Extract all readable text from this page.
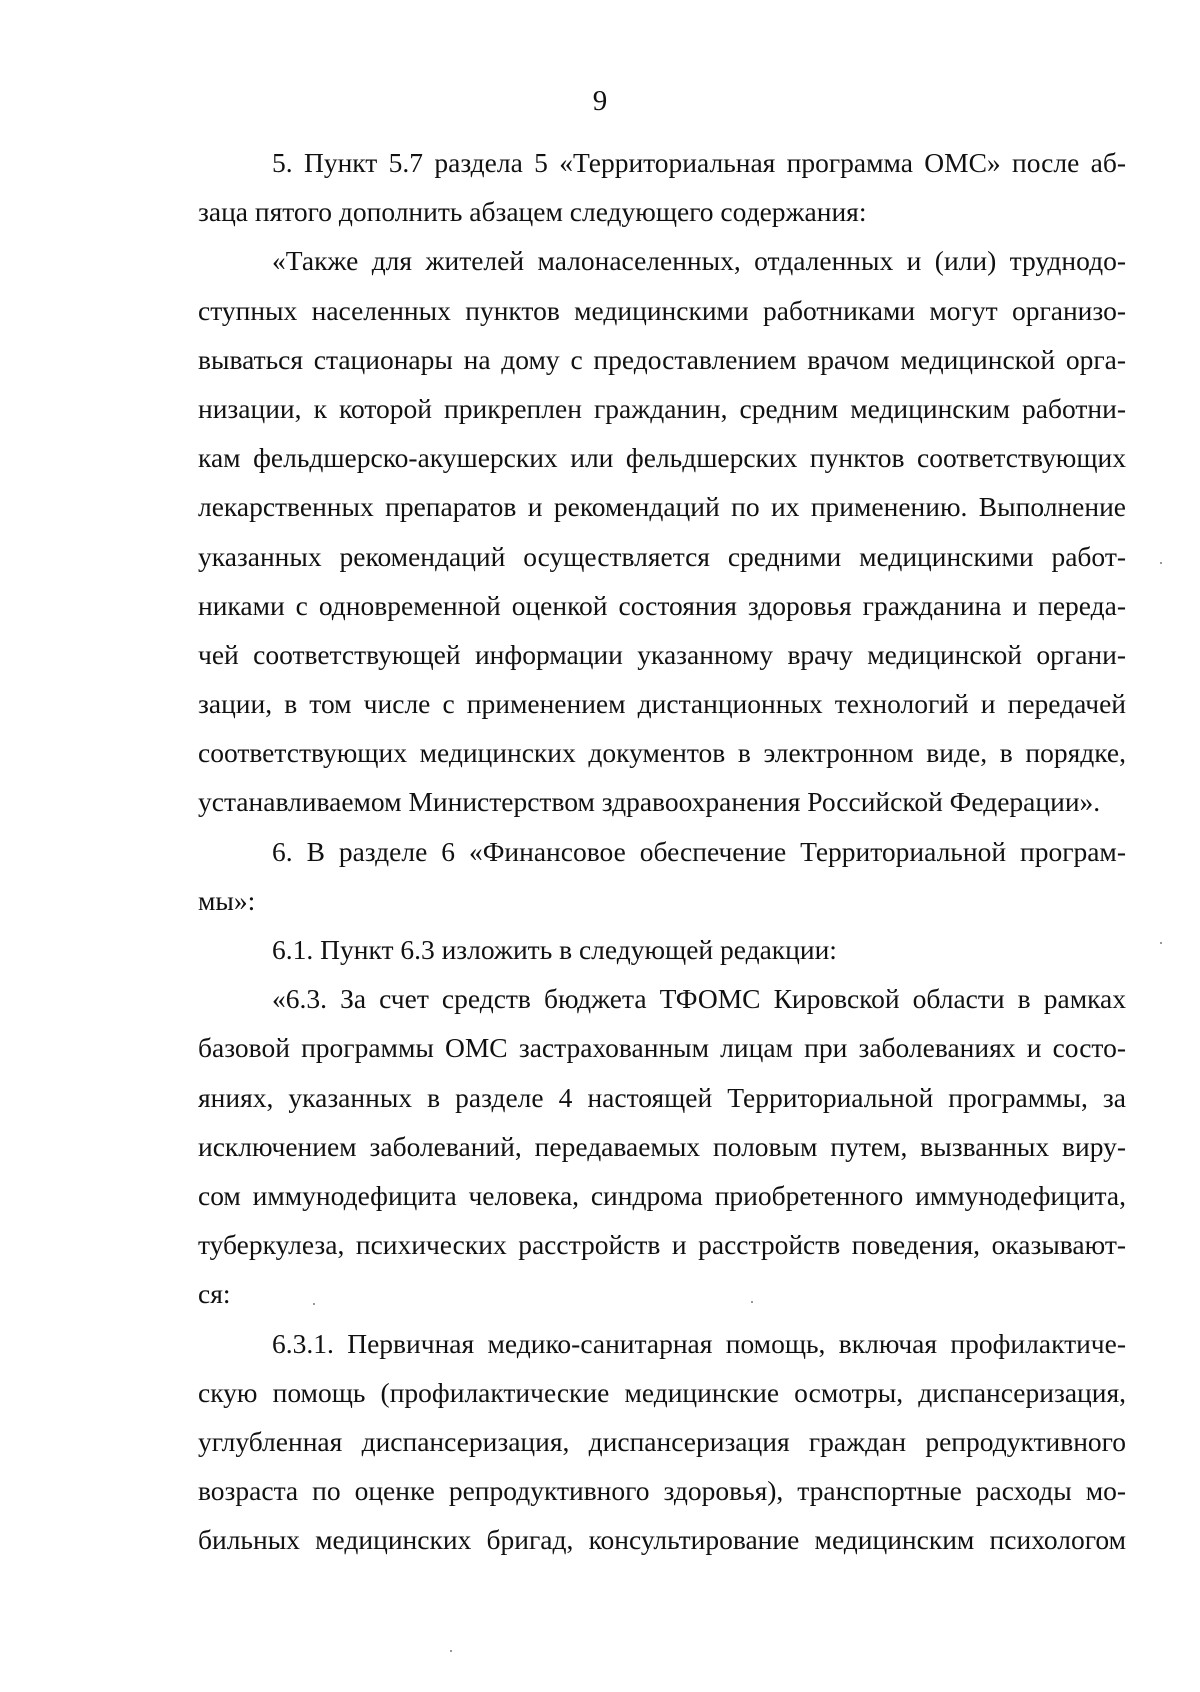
9
5. Пункт 5.7 раздела 5 «Территориальная программа ОМС» после аб-
заца пятого дополнить абзацем следующего содержания:
«Также для жителей малонаселенных, отдаленных и (или) труднодо-
ступных населенных пунктов медицинскими работниками могут организо-
вываться стационары на дому с предоставлением врачом медицинской орга-
низации, к которой прикреплен гражданин, средним медицинским работни-
кам фельдшерско-акушерских или фельдшерских пунктов соответствующих
лекарственных препаратов и рекомендаций по их применению. Выполнение
указанных рекомендаций осуществляется средними медицинскими работ-
никами с одновременной оценкой состояния здоровья гражданина и переда-
чей соответствующей информации указанному врачу медицинской органи-
зации, в том числе с применением дистанционных технологий и передачей
соответствующих медицинских документов в электронном виде, в порядке,
устанавливаемом Министерством здравоохранения Российской Федерации».
6. В разделе 6 «Финансовое обеспечение Территориальной програм-
мы»:
6.1. Пункт 6.3 изложить в следующей редакции:
«6.3. За счет средств бюджета ТФОМС Кировской области в рамках
базовой программы ОМС застрахованным лицам при заболеваниях и состо-
яниях, указанных в разделе 4 настоящей Территориальной программы, за
исключением заболеваний, передаваемых половым путем, вызванных виру-
сом иммунодефицита человека, синдрома приобретенного иммунодефицита,
туберкулеза, психических расстройств и расстройств поведения, оказывают-
ся:
6.3.1. Первичная медико-санитарная помощь, включая профилактиче-
скую помощь (профилактические медицинские осмотры, диспансеризация,
углубленная диспансеризация, диспансеризация граждан репродуктивного
возраста по оценке репродуктивного здоровья), транспортные расходы мо-
бильных медицинских бригад, консультирование медицинским психологом
